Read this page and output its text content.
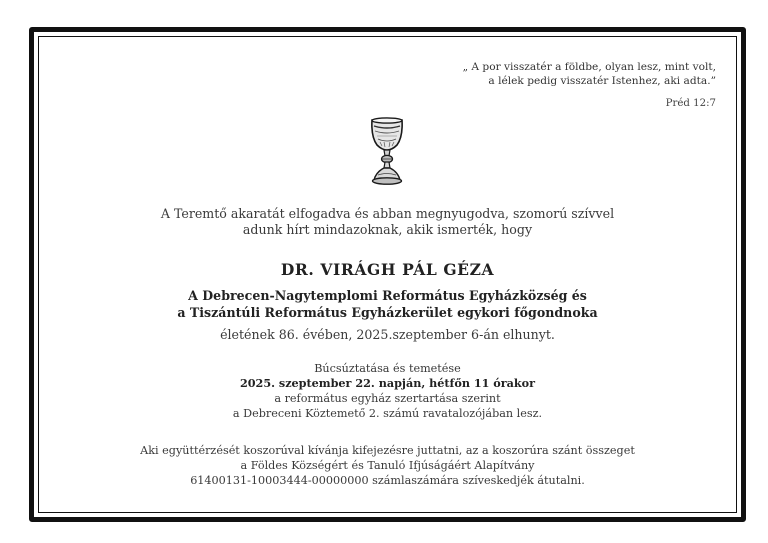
„ A por visszatér a földbe, olyan lesz, mint volt,
a lélek pedig visszatér Istenhez, aki adta.”
Préd 12:7
A Teremtő akaratát elfogadva és abban megnyugodva, szomorú szívvel
adunk hírt mindazoknak, akik ismerték, hogy
DR. VIRÁGH PÁL GÉZA
A Debrecen-Nagytemplomi Református Egyházközség és
a Tiszántúli Református Egyházkerület egykori főgondnoka
életének 86. évében, 2025.szeptember 6-án elhunyt.
Búcsúztatása és temetése
2025. szeptember 22. napján, hétfőn 11 órakor
a református egyház szertartása szerint
a Debreceni Köztemető 2. számú ravatalozójában lesz.
Aki együttérzését koszorúval kívánja kifejezésre juttatni, az a koszorúra szánt összeget
a Földes Községért és Tanuló Ifjúságáért Alapítvány
61400131-10003444-00000000 számlaszámára szíveskedjék átutalni.
